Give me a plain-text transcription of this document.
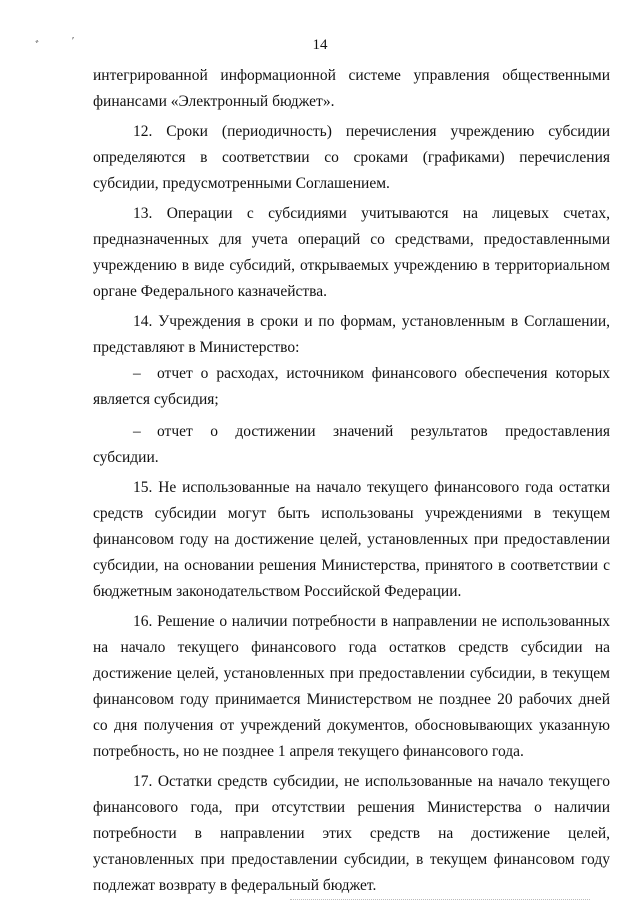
ﾞ	ʹ	14

интегрированной информационной системе управления общественными финансами «Электронный бюджет».

12. Сроки (периодичность) перечисления учреждению субсидии определяются в соответствии со сроками (графиками) перечисления субсидии, предусмотренными Соглашением.

13. Операции с субсидиями учитываются на лицевых счетах, предназначенных для учета операций со средствами, предоставленными учреждению в виде субсидий, открываемых учреждению в территориальном органе Федерального казначейства.

14. Учреждения в сроки и по формам, установленным в Соглашении, представляют в Министерство:

– отчет о расходах, источником финансового обеспечения которых является субсидия;

– отчет о достижении значений результатов предоставления субсидии.

15. Не использованные на начало текущего финансового года остатки средств субсидии могут быть использованы учреждениями в текущем финансовом году на достижение целей, установленных при предоставлении субсидии, на основании решения Министерства, принятого в соответствии с бюджетным законодательством Российской Федерации.

16. Решение о наличии потребности в направлении не использованных на начало текущего финансового года остатков средств субсидии на достижение целей, установленных при предоставлении субсидии, в текущем финансовом году принимается Министерством не позднее 20 рабочих дней со дня получения от учреждений документов, обосновывающих указанную потребность, но не позднее 1 апреля текущего финансового года.

17. Остатки средств субсидии, не использованные на начало текущего финансового года, при отсутствии решения Министерства о наличии потребности в направлении этих средств на достижение целей, установленных при предоставлении субсидии, в текущем финансовом году подлежат возврату в федеральный бюджет.
